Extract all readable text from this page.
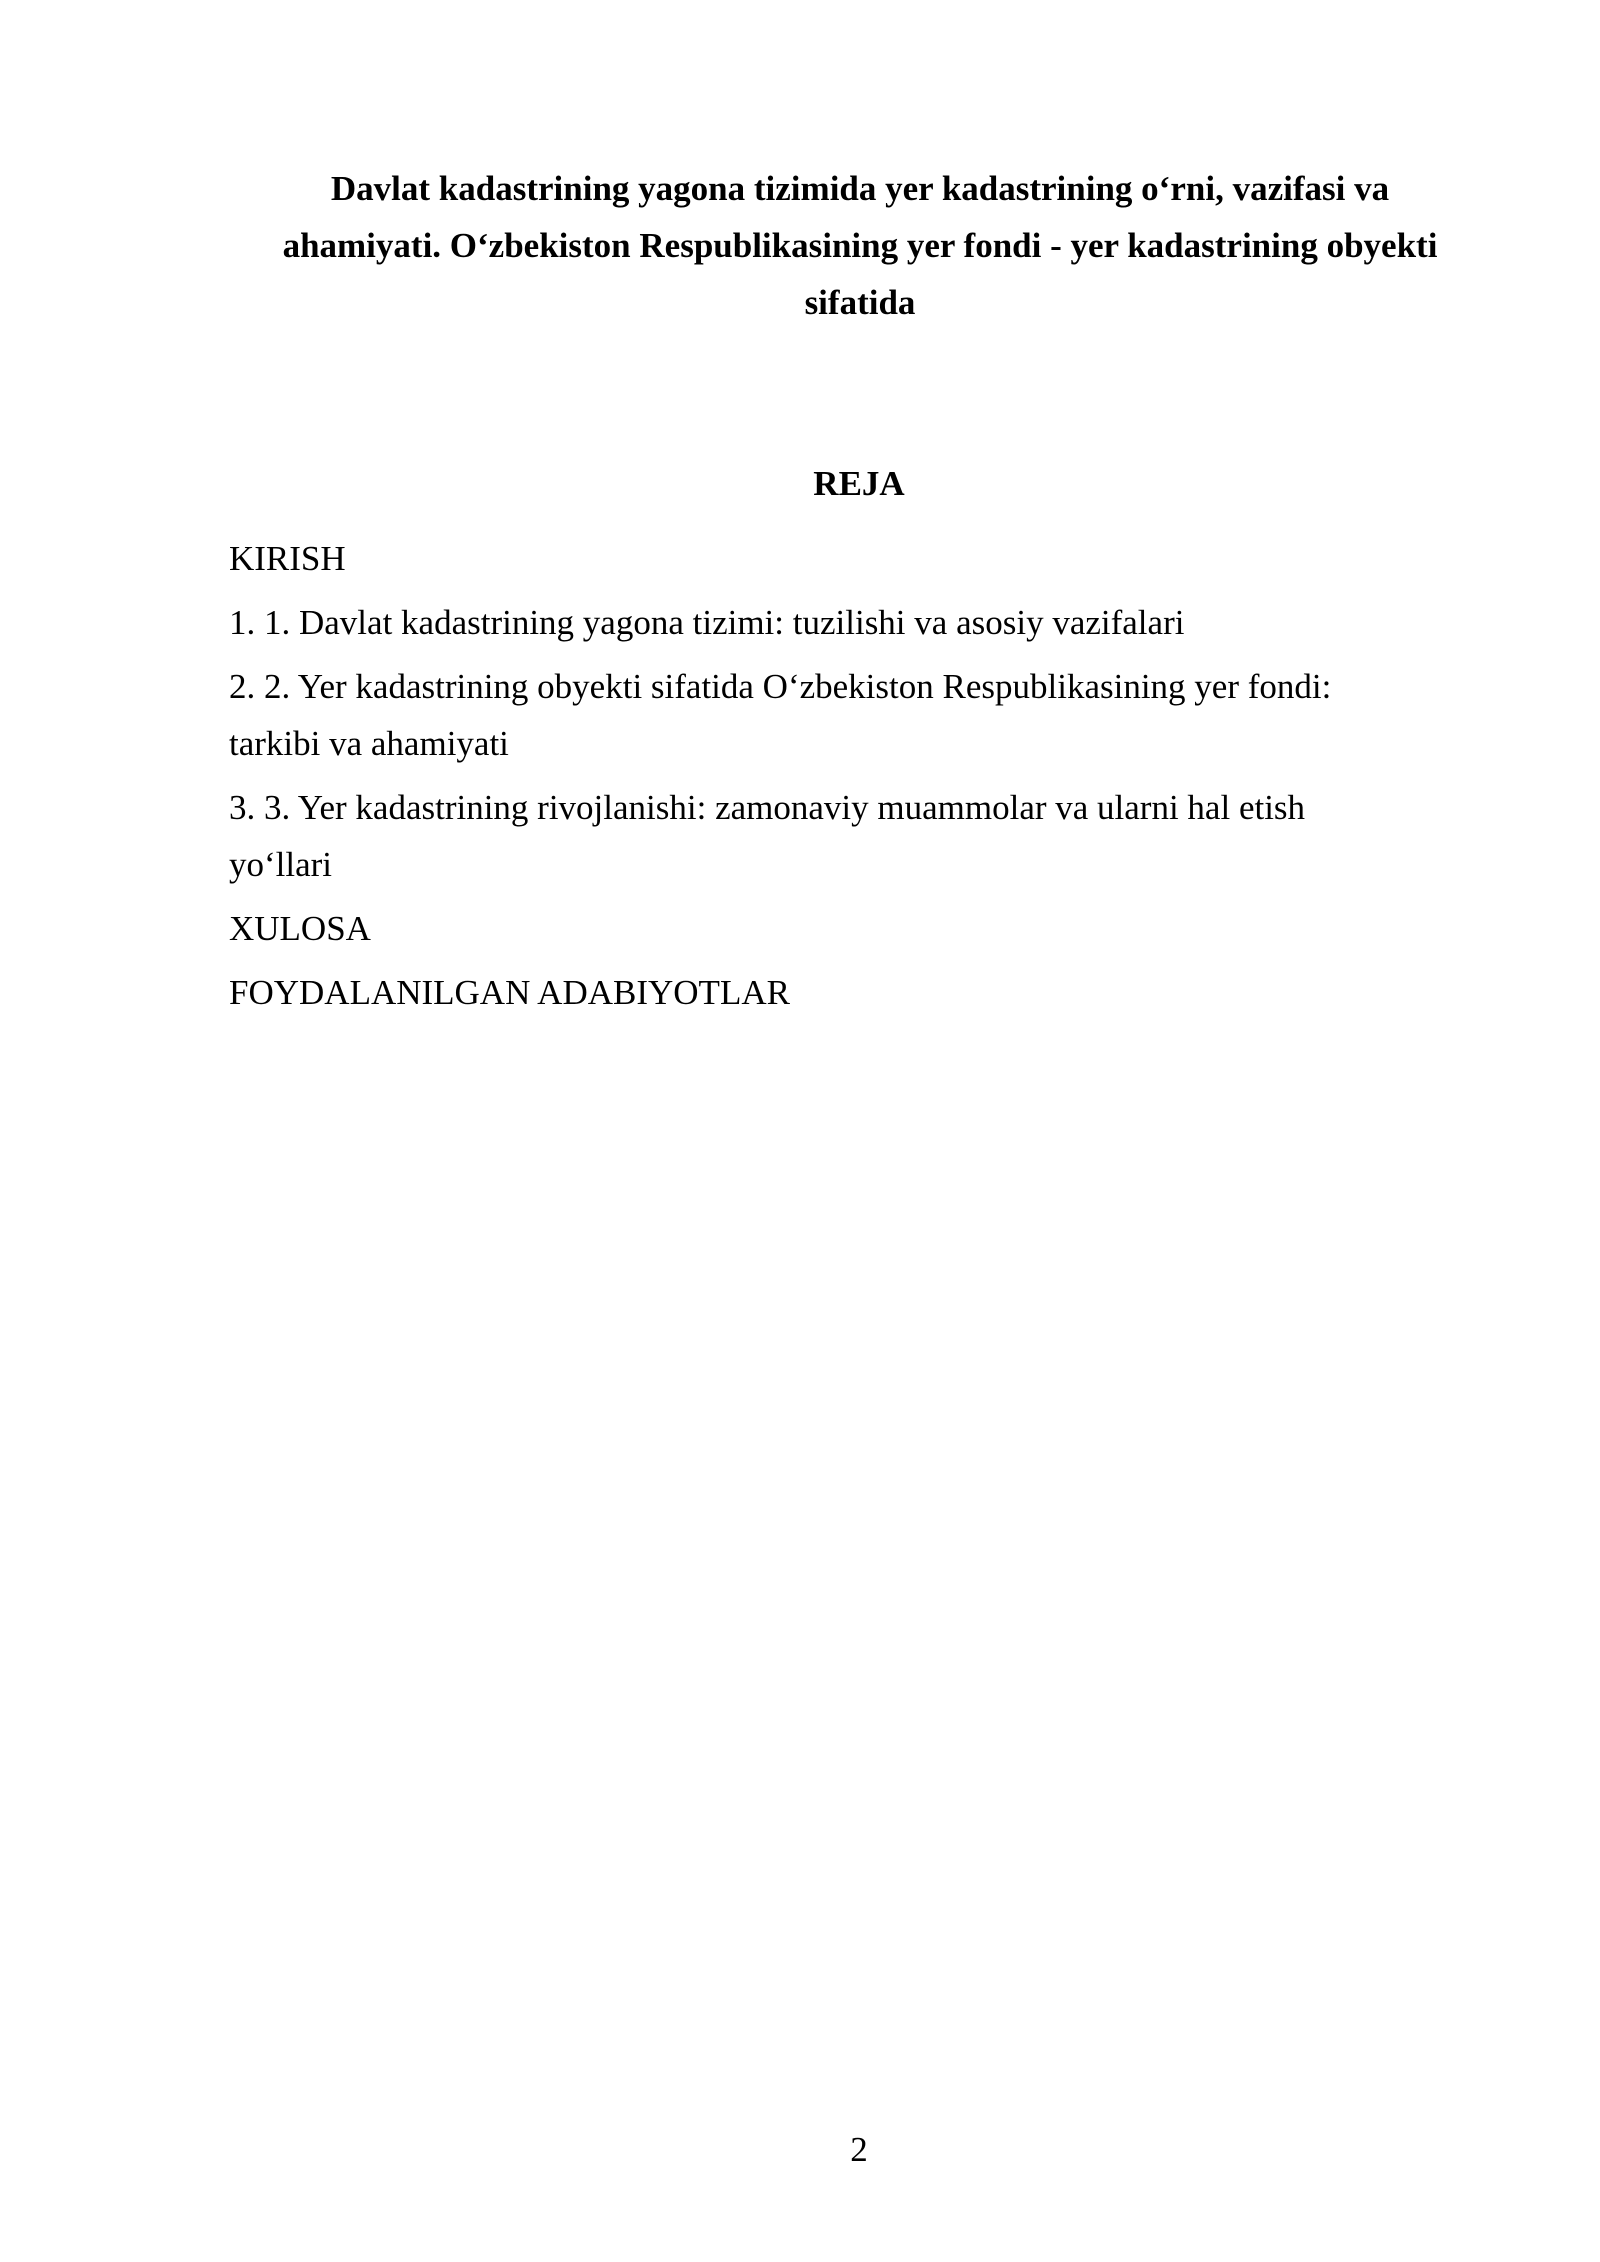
Davlat kadastrining yagona tizimida yer kadastrining o‘rni, vazifasi va
ahamiyati. O‘zbekiston Respublikasining yer fondi - yer kadastrining obyekti
sifatida
REJA
KIRISH
1. 1. Davlat kadastrining yagona tizimi: tuzilishi va asosiy vazifalari
2. 2. Yer kadastrining obyekti sifatida O‘zbekiston Respublikasining yer fondi:
tarkibi va ahamiyati
3. 3. Yer kadastrining rivojlanishi: zamonaviy muammolar va ularni hal etish
yo‘llari
XULOSA
FOYDALANILGAN ADABIYOTLAR
2
